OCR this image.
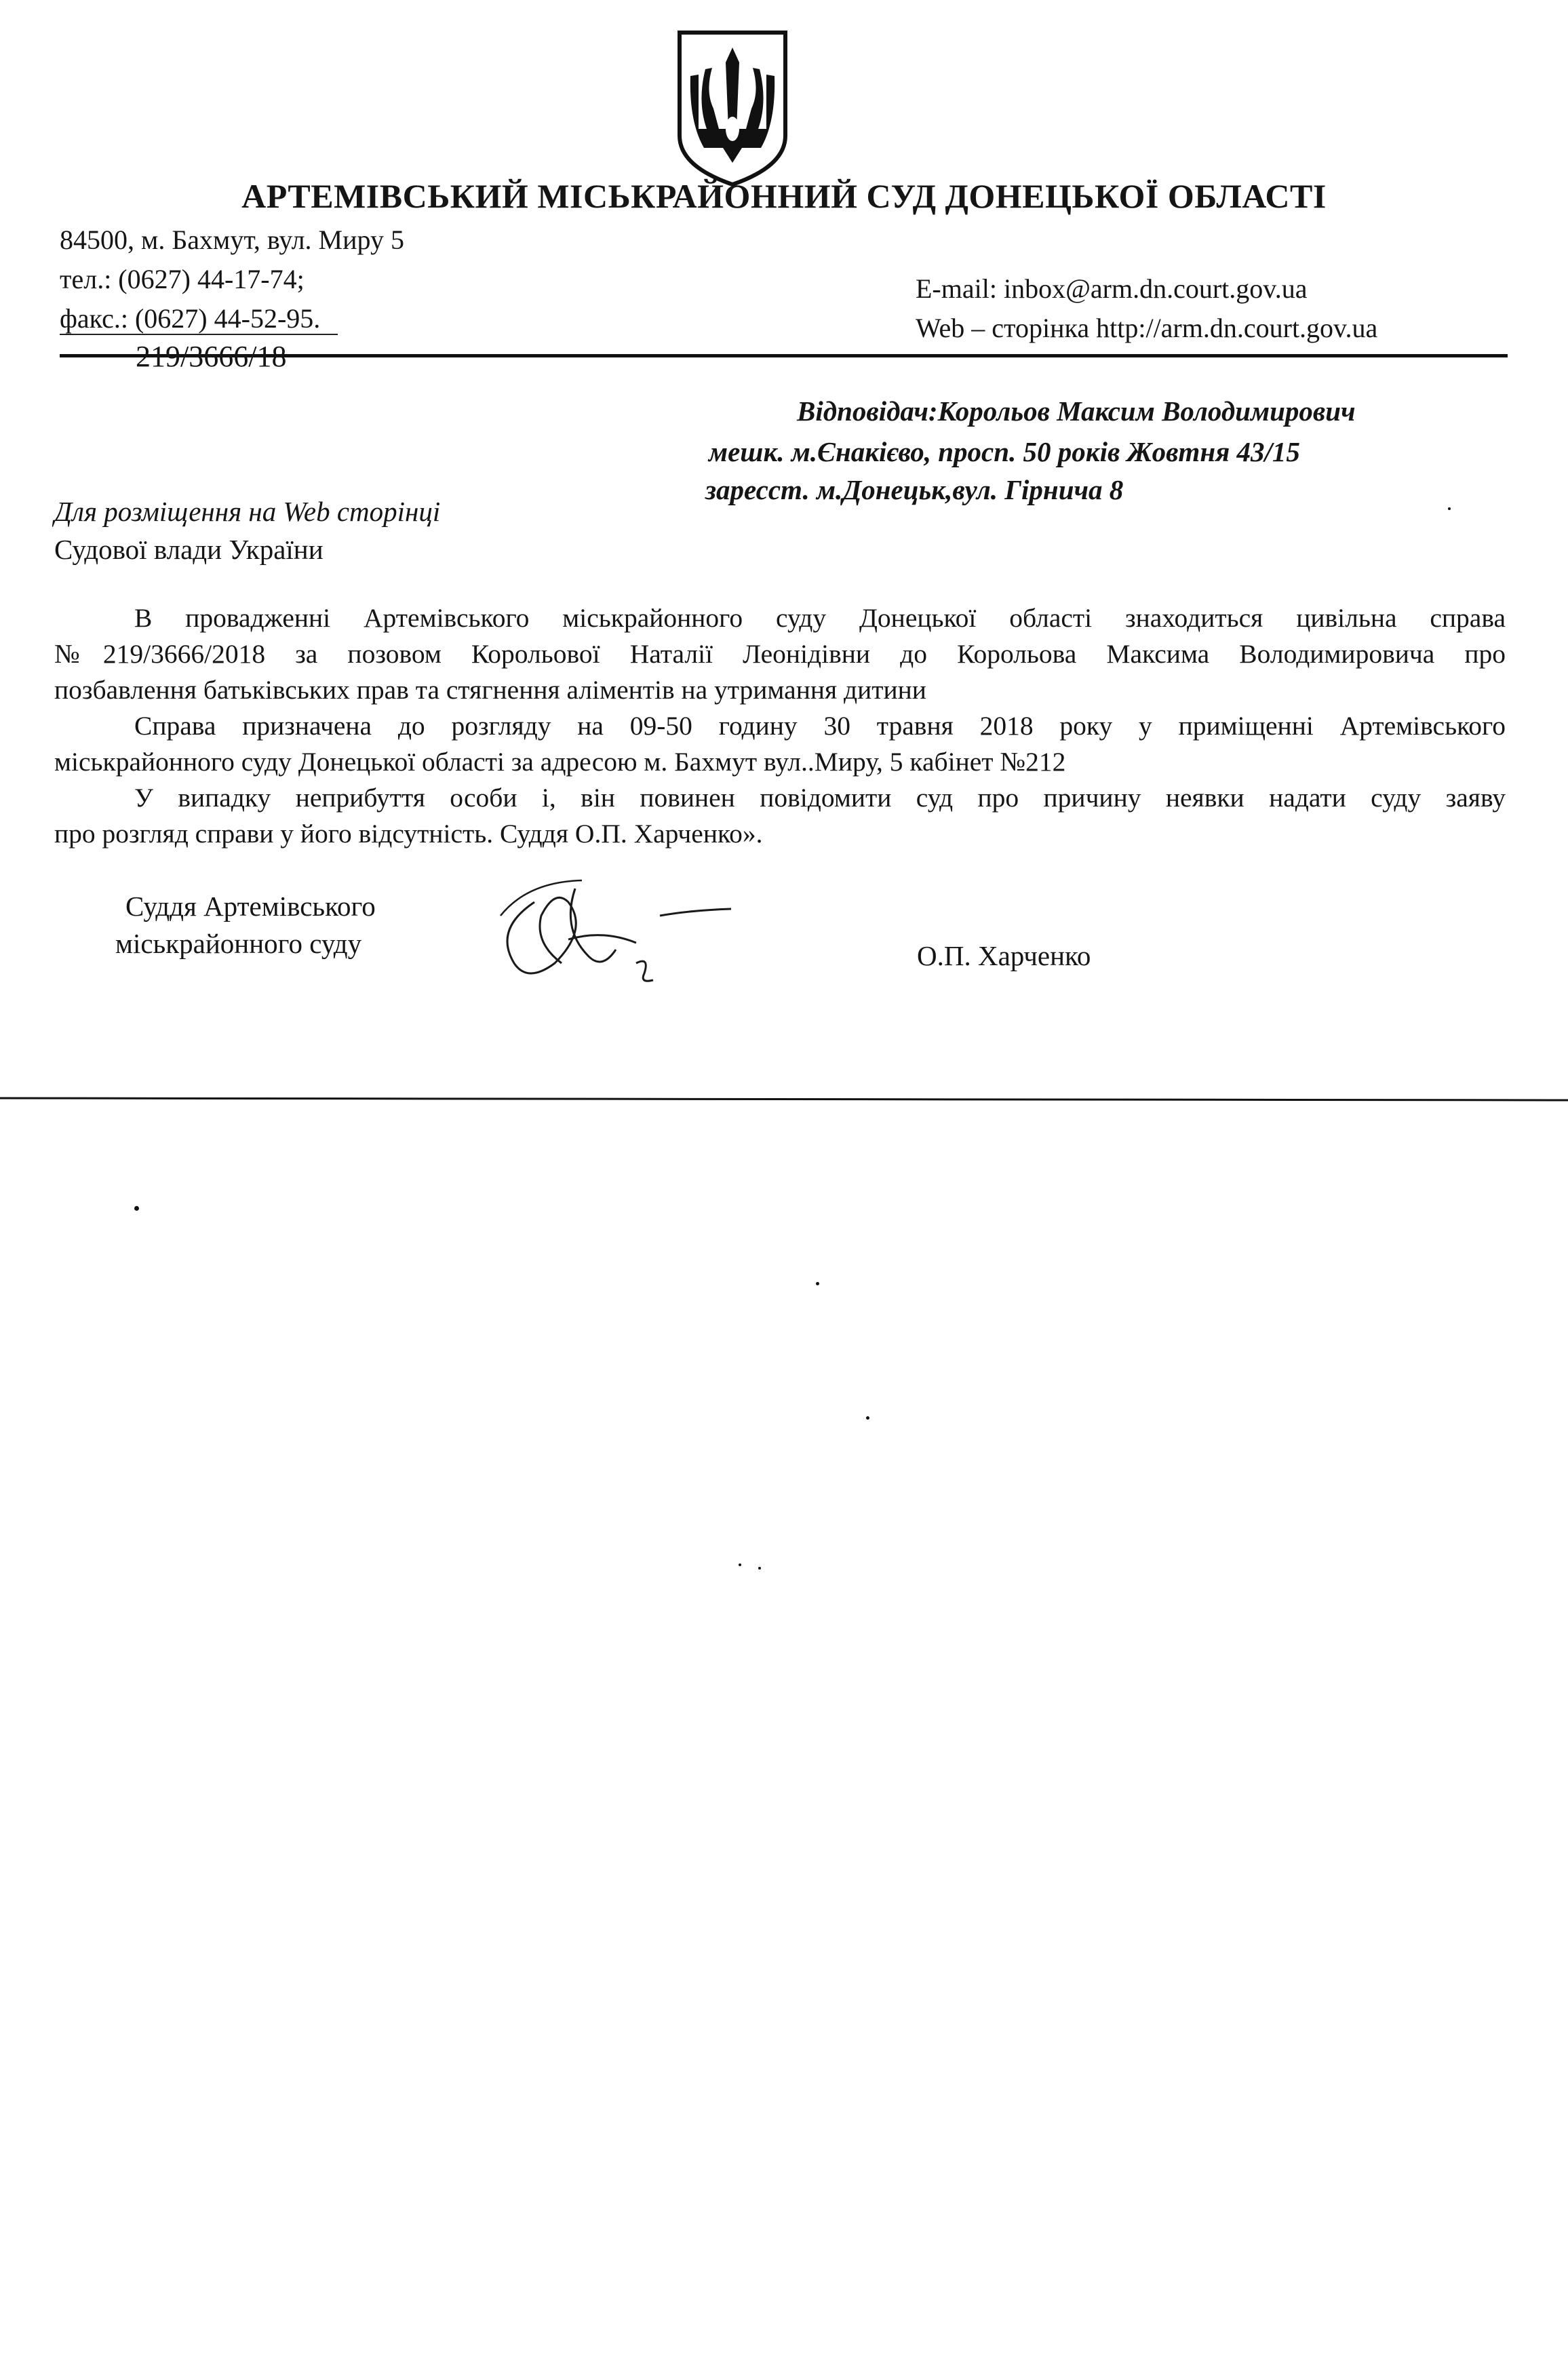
АРТЕМІВСЬКИЙ МІСЬКРАЙОННИЙ СУД ДОНЕЦЬКОЇ ОБЛАСТІ
84500, м. Бахмут, вул. Миру 5
тел.: (0627) 44-17-74;
факс.: (0627) 44-52-95.
E-mail: inbox@arm.dn.court.gov.ua
Web – сторінка http://arm.dn.court.gov.ua
219/3666/18
Відповідач:Корольов Максим Володимирович
мешк. м.Єнакієво, просп. 50 років Жовтня 43/15
заресст. м.Донецьк,вул. Гірнича 8
Для розміщення на Web сторінці
Судової влади України
В провадженні Артемівського міськрайонного суду Донецької області знаходиться цивільна справа
№219/3666/2018 за позовом Корольової Наталії Леонідівни до Корольова Максима Володимировича про
позбавлення батьківських прав та стягнення аліментів на утримання дитини
Справа призначена до розгляду на 09-50 годину 30 травня 2018 року у приміщенні Артемівського
міськрайонного суду Донецької області за адресою м. Бахмут вул..Миру, 5 кабінет №212
У випадку неприбуття особи і, він повинен повідомити суд про причину неявки надати суду заяву
про розгляд справи у його відсутність. Суддя О.П. Харченко».
Суддя Артемівського
міськрайонного суду	О.П. Харченко
